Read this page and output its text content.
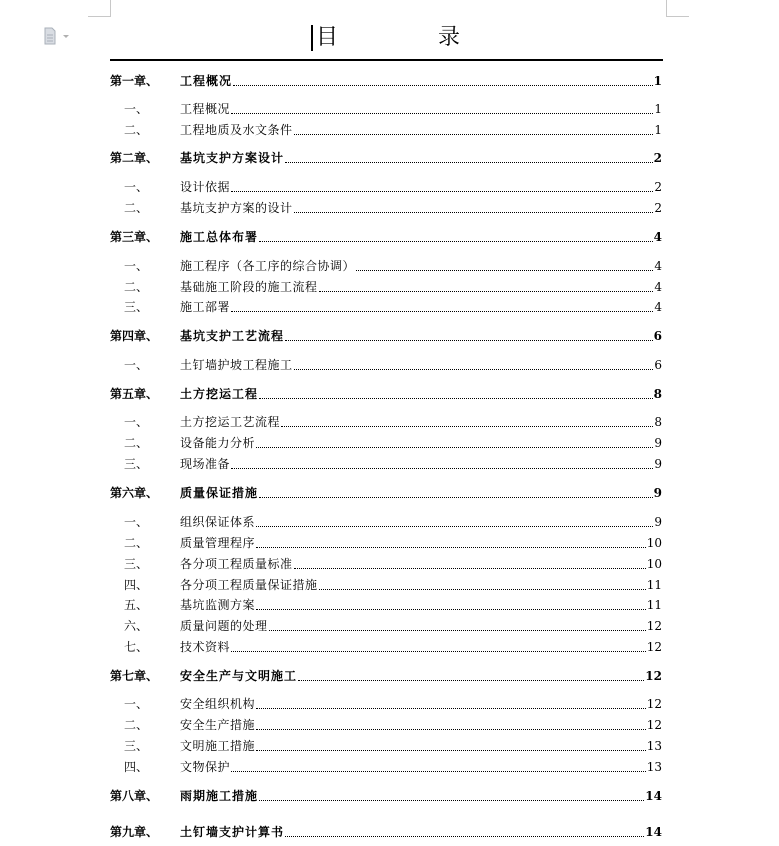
目	录
第一章、	工程概况	1
一、	工程概况	1
二、	工程地质及水文条件	1
第二章、	基坑支护方案设计	2
一、	设计依据	2
二、	基坑支护方案的设计	2
第三章、	施工总体布署	4
一、	施工程序（各工序的综合协调）	4
二、	基础施工阶段的施工流程	4
三、	施工部署	4
第四章、	基坑支护工艺流程	6
一、	土钉墙护坡工程施工	6
第五章、	土方挖运工程	8
一、	土方挖运工艺流程	8
二、	设备能力分析	9
三、	现场准备	9
第六章、	质量保证措施	9
一、	组织保证体系	9
二、	质量管理程序	10
三、	各分项工程质量标准	10
四、	各分项工程质量保证措施	11
五、	基坑监测方案	11
六、	质量问题的处理	12
七、	技术资料	12
第七章、	安全生产与文明施工	12
一、	安全组织机构	12
二、	安全生产措施	12
三、	文明施工措施	13
四、	文物保护	13
第八章、	雨期施工措施	14
第九章、	土钉墙支护计算书	14
